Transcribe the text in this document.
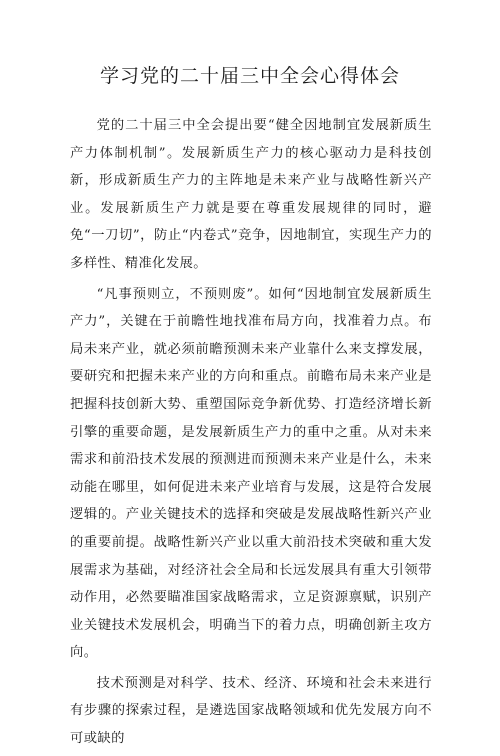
学习党的二十届三中全会心得体会

党的二十届三中全会提出要“健全因地制宜发展新质生产力体制机制”。发展新质生产力的核心驱动力是科技创新，形成新质生产力的主阵地是未来产业与战略性新兴产业。发展新质生产力就是要在尊重发展规律的同时，避免“一刀切”，防止“内卷式”竞争，因地制宜，实现生产力的多样性、精准化发展。

“凡事预则立，不预则废”。如何“因地制宜发展新质生产力”，关键在于前瞻性地找准布局方向，找准着力点。布局未来产业，就必须前瞻预测未来产业靠什么来支撑发展，要研究和把握未来产业的方向和重点。前瞻布局未来产业是把握科技创新大势、重塑国际竞争新优势、打造经济增长新引擎的重要命题，是发展新质生产力的重中之重。从对未来需求和前沿技术发展的预测进而预测未来产业是什么，未来动能在哪里，如何促进未来产业培育与发展，这是符合发展逻辑的。产业关键技术的选择和突破是发展战略性新兴产业的重要前提。战略性新兴产业以重大前沿技术突破和重大发展需求为基础，对经济社会全局和长远发展具有重大引领带动作用，必然要瞄准国家战略需求，立足资源禀赋，识别产业关键技术发展机会，明确当下的着力点，明确创新主攻方向。

技术预测是对科学、技术、经济、环境和社会未来进行有步骤的探索过程，是遴选国家战略领域和优先发展方向不可或缺的
